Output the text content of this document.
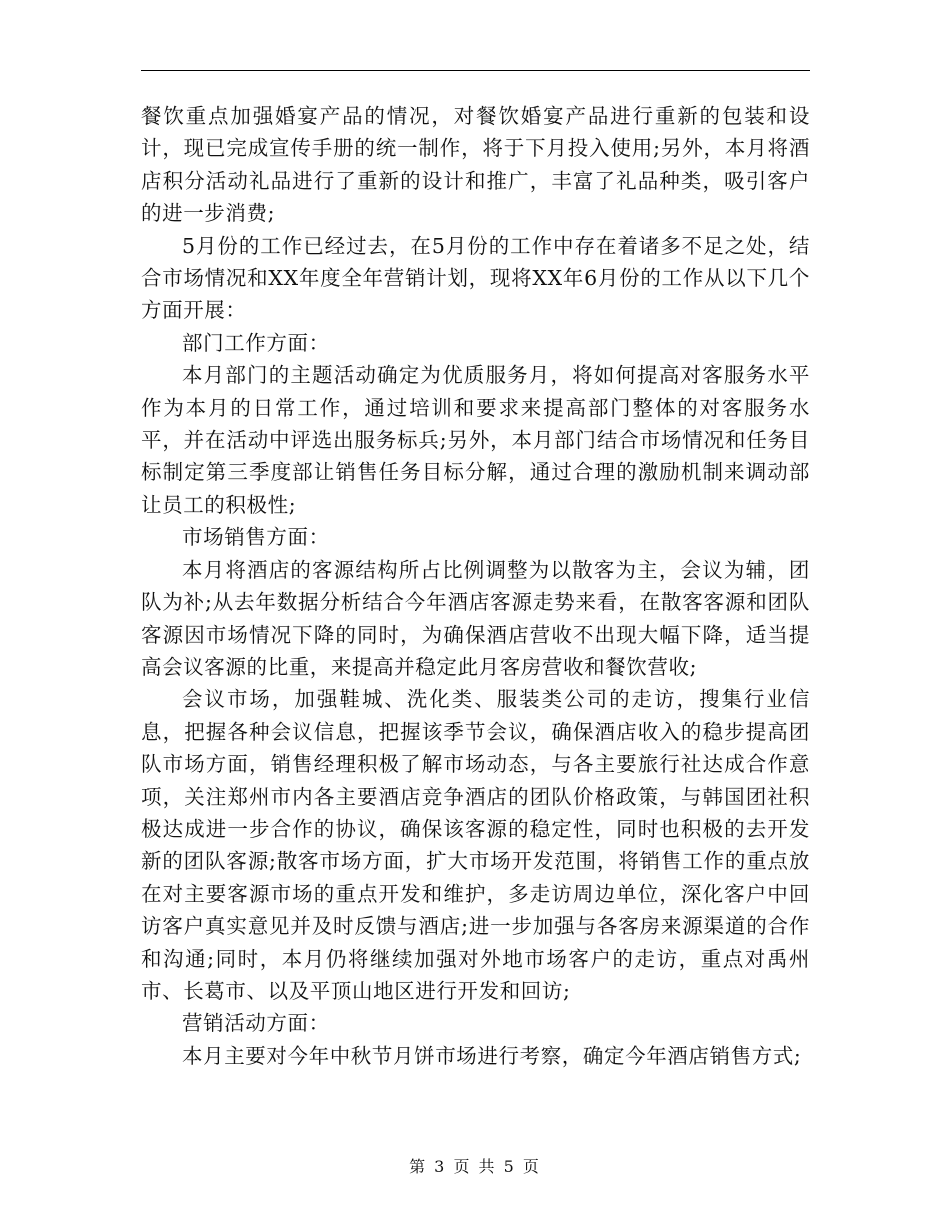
餐饮重点加强婚宴产品的情况，对餐饮婚宴产品进行重新的包装和设计，现已完成宣传手册的统一制作，将于下月投入使用;另外，本月将酒店积分活动礼品进行了重新的设计和推广，丰富了礼品种类，吸引客户的进一步消费;

5月份的工作已经过去，在5月份的工作中存在着诸多不足之处，结合市场情况和XX年度全年营销计划，现将XX年6月份的工作从以下几个方面开展：

部门工作方面：

本月部门的主题活动确定为优质服务月，将如何提高对客服务水平作为本月的日常工作，通过培训和要求来提高部门整体的对客服务水平，并在活动中评选出服务标兵;另外，本月部门结合市场情况和任务目标制定第三季度部让销售任务目标分解，通过合理的激励机制来调动部让员工的积极性;

市场销售方面：

本月将酒店的客源结构所占比例调整为以散客为主，会议为辅，团队为补;从去年数据分析结合今年酒店客源走势来看，在散客客源和团队客源因市场情况下降的同时，为确保酒店营收不出现大幅下降，适当提高会议客源的比重，来提高并稳定此月客房营收和餐饮营收;

会议市场，加强鞋城、洗化类、服装类公司的走访，搜集行业信息，把握各种会议信息，把握该季节会议，确保酒店收入的稳步提高团队市场方面，销售经理积极了解市场动态，与各主要旅行社达成合作意项，关注郑州市内各主要酒店竞争酒店的团队价格政策，与韩国团社积极达成进一步合作的协议，确保该客源的稳定性，同时也积极的去开发新的团队客源;散客市场方面，扩大市场开发范围，将销售工作的重点放在对主要客源市场的重点开发和维护，多走访周边单位，深化客户中回访客户真实意见并及时反馈与酒店;进一步加强与各客房来源渠道的合作和沟通;同时，本月仍将继续加强对外地市场客户的走访，重点对禹州市、长葛市、以及平顶山地区进行开发和回访;

营销活动方面：

本月主要对今年中秋节月饼市场进行考察，确定今年酒店销售方式;

第 3 页 共 5 页
